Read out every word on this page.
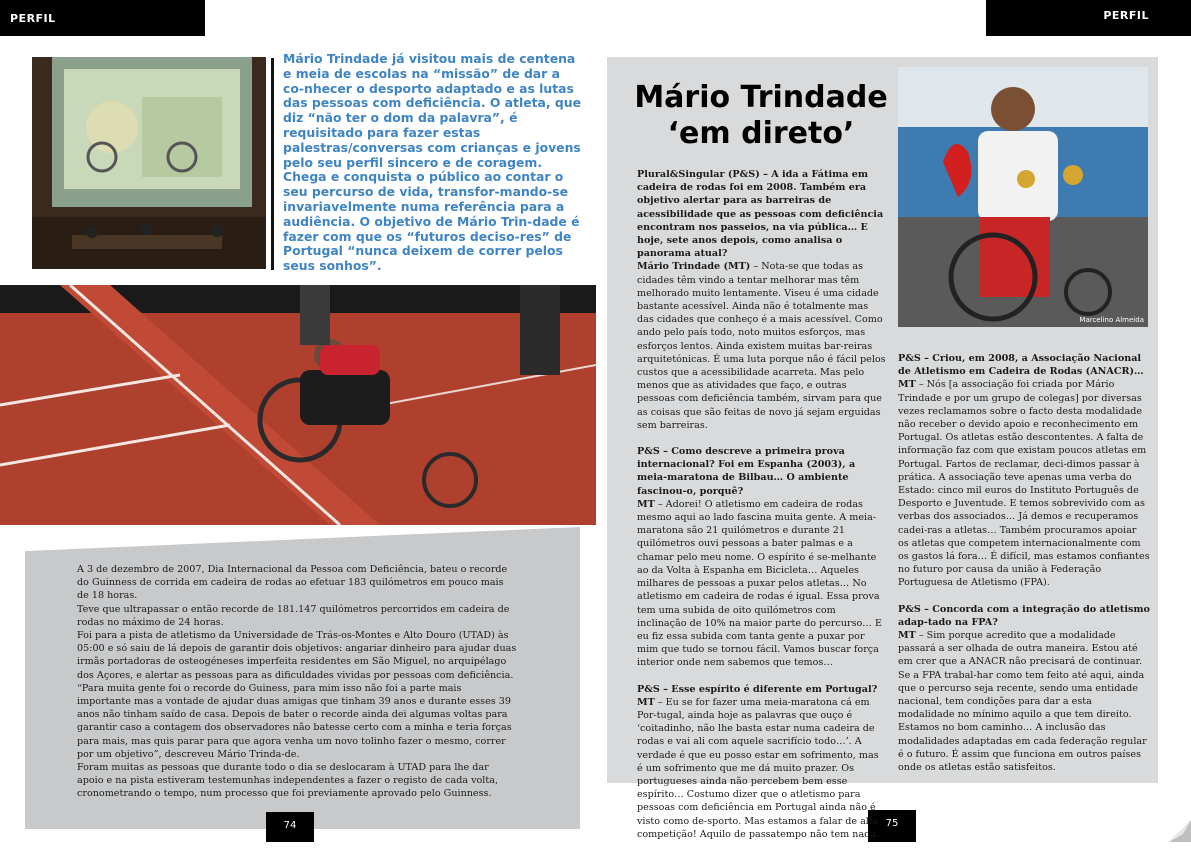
PERFIL	PERFIL
Mário Trindade já visitou mais de centena e meia de escolas na “missão” de dar a co-nhecer o desporto adaptado e as lutas das pessoas com deficiência. O atleta, que diz “não ter o dom da palavra”, é requisitado para fazer estas palestras/conversas com crianças e jovens pelo seu perfil sincero e de coragem. Chega e conquista o público ao contar o seu percurso de vida, transfor-mando-se invariavelmente numa referência para a audiência. O objetivo de Mário Trin-dade é fazer com que os “futuros deciso-res” de Portugal “nunca deixem de correr pelos seus sonhos”.

A 3 de dezembro de 2007, Dia Internacional da Pessoa com Deficiência, bateu o recorde do Guinness de corrida em cadeira de rodas ao efetuar 183 quilómetros em pouco mais de 18 horas.

Teve que ultrapassar o então recorde de 181.147 quilómetros percorridos em cadeira de rodas no máximo de 24 horas.

Foi para a pista de atletismo da Universidade de Trás-os-Montes e Alto Douro (UTAD) às 05:00 e só saiu de lá depois de garantir dois objetivos: angariar dinheiro para ajudar duas irmãs portadoras de osteogéneses imperfeita residentes em São Miguel, no arquipélago dos Açores, e alertar as pessoas para as dificuldades vividas por pessoas com deficiência.

“Para muita gente foi o recorde do Guiness, para mim isso não foi a parte mais importante mas a vontade de ajudar duas amigas que tinham 39 anos e durante esses 39 anos não tinham saído de casa. Depois de bater o recorde ainda dei algumas voltas para garantir caso a contagem dos observadores não batesse certo com a minha e teria forças para mais, mas quis parar para que agora venha um novo tolinho fazer o mesmo, correr por um objetivo”, descreveu Mário Trinda-de.

Foram muitas as pessoas que durante todo o dia se deslocaram à UTAD para lhe dar apoio e na pista estiveram testemunhas independentes a fazer o registo de cada volta, cronometrando o tempo, num processo que foi previamente aprovado pelo Guinness.

74	75
Mário Trindade
‘em direto’
Marcelino Almeida

Plural&Singular (P&S) – A ida a Fátima em cadeira de rodas foi em 2008. Também era objetivo alertar para as barreiras de acessibilidade que as pessoas com deficiência encontram nos passeios, na via pública… E hoje, sete anos depois, como analisa o panorama atual?
Mário Trindade (MT) – Nota-se que todas as cidades têm vindo a tentar melhorar mas têm melhorado muito lentamente. Viseu é uma cidade bastante acessível. Ainda não é totalmente mas das cidades que conheço é a mais acessível. Como ando pelo país todo, noto muitos esforços, mas esforços lentos. Ainda existem muitas bar-reiras arquitetónicas. É uma luta porque não é fácil pelos custos que a acessibilidade acarreta. Mas pelo menos que as atividades que faço, e outras pessoas com deficiência também, sirvam para que as coisas que são feitas de novo já sejam erguidas sem barreiras.

P&S – Como descreve a primeira prova internacional? Foi em Espanha (2003), a meia-maratona de Bilbau… O ambiente fascinou-o, porquê?
MT – Adorei! O atletismo em cadeira de rodas mesmo aqui ao lado fascina muita gente. A meia-maratona são 21 quilómetros e durante 21 quilómetros ouvi pessoas a bater palmas e a chamar pelo meu nome. O espírito é se-melhante ao da Volta à Espanha em Bicicleta… Aqueles milhares de pessoas a puxar pelos atletas… No atletismo em cadeira de rodas é igual. Essa prova tem uma subida de oito quilómetros com inclinação de 10% na maior parte do percurso… E eu fiz essa subida com tanta gente a puxar por mim que tudo se tornou fácil. Vamos buscar força interior onde nem sabemos que temos…

P&S – Esse espírito é diferente em Portugal?
MT – Eu se for fazer uma meia-maratona cá em Por-tugal, ainda hoje as palavras que ouço é ‘coitadinho, não lhe basta estar numa cadeira de rodas e vai ali com aquele sacrifício todo…’. A verdade é que eu posso estar em sofrimento, mas é um sofrimento que me dá muito prazer. Os portugueses ainda não percebem bem esse espírito… Costumo dizer que o atletismo para pessoas com deficiência em Portugal ainda não é visto como de-sporto. Mas estamos a falar de alta competição! Aquilo de passatempo não tem nada.

P&S – Criou, em 2008, a Associação Nacional de Atletismo em Cadeira de Rodas (ANACR)…
MT – Nós [a associação foi criada por Mário Trindade e por um grupo de colegas] por diversas vezes reclamamos sobre o facto desta modalidade não receber o devido apoio e reconhecimento em Portugal. Os atletas estão descontentes. A falta de informação faz com que existam poucos atletas em Portugal. Fartos de reclamar, deci-dimos passar à prática. A associação teve apenas uma verba do Estado: cinco mil euros do Instituto Português de Desporto e Juventude. E temos sobrevivido com as verbas dos associados… Já demos e recuperamos cadei-ras a atletas… Também procuramos apoiar os atletas que competem internacionalmente com os gastos lá fora… É difícil, mas estamos confiantes no futuro por causa da união à Federação Portuguesa de Atletismo (FPA).

P&S – Concorda com a integração do atletismo adap-tado na FPA?
MT – Sim porque acredito que a modalidade passará a ser olhada de outra maneira. Estou até em crer que a ANACR não precisará de continuar. Se a FPA trabal-har como tem feito até aqui, ainda que o percurso seja recente, sendo uma entidade nacional, tem condições para dar a esta modalidade no mínimo aquilo a que tem direito. Estamos no bom caminho… A inclusão das modalidades adaptadas em cada federação regular é o futuro. É assim que funciona em outros países onde os atletas estão satisfeitos.
